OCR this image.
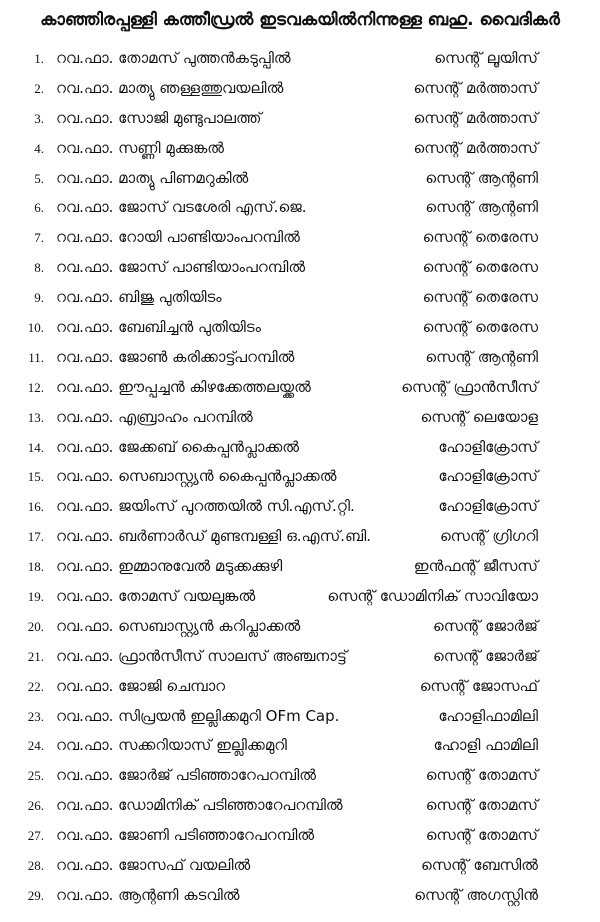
കാഞ്ഞിരപ്പള്ളി കത്തീഡ്രൽ ഇടവകയിൽനിന്നുള്ള ബഹു. വൈദികർ
1. റവ.ഫാ. തോമസ് പുത്തൻകടുപ്പിൽ	സെന്റ് ലൂയിസ്
2. റവ.ഫാ. മാത്യു ഞള്ളത്തുവയലിൽ	സെന്റ് മർത്താസ്
3. റവ.ഫാ. സോജി മുണ്ടുപാലത്ത്	സെന്റ് മർത്താസ്
4. റവ.ഫാ. സണ്ണി മുക്കുങ്കൽ	സെന്റ് മർത്താസ്
5. റവ.ഫാ. മാത്യു പിണമറുകിൽ	സെന്റ് ആന്റണി
6. റവ.ഫാ. ജോസ് വടശേരി എസ്.ജെ.	സെന്റ് ആന്റണി
7. റവ.ഫാ. റോയി പാണ്ടിയാംപറമ്പിൽ	സെന്റ് തെരേസ
8. റവ.ഫാ. ജോസ് പാണ്ടിയാംപറമ്പിൽ	സെന്റ് തെരേസ
9. റവ.ഫാ. ബിജു പുതിയിടം	സെന്റ് തെരേസ
10. റവ.ഫാ. ബേബിച്ചൻ പുതിയിടം	സെന്റ് തെരേസ
11. റവ.ഫാ. ജോൺ കരിക്കാട്ട്പറമ്പിൽ	സെന്റ് ആന്റണി
12. റവ.ഫാ. ഈപ്പച്ചൻ കിഴക്കേത്തലയ്ക്കൽ	സെന്റ് ഫ്രാൻസീസ്
13. റവ.ഫാ. എബ്രാഹം പറമ്പിൽ	സെന്റ് ലെയോള
14. റവ.ഫാ. ജേക്കബ് കൈപ്പൻപ്ലാക്കൽ	ഹോളിക്രോസ്
15. റവ.ഫാ. സെബാസ്റ്റ്യൻ കൈപ്പൻപ്ലാക്കൽ	ഹോളിക്രോസ്
16. റവ.ഫാ. ജയിംസ് പുറത്തയിൽ സി.എസ്.റ്റി.	ഹോളിക്രോസ്
17. റവ.ഫാ. ബർണാർഡ് മുണ്ടമ്പള്ളി ഒ.എസ്.ബി.	സെന്റ് ഗ്രിഗറി
18. റവ.ഫാ. ഇമ്മാനുവേൽ മടുക്കക്കുഴി	ഇൻഫന്റ് ജീസസ്
19. റവ.ഫാ. തോമസ് വയലുങ്കൽ	സെന്റ് ഡോമിനിക് സാവിയോ
20. റവ.ഫാ. സെബാസ്റ്റ്യൻ കറിപ്ലാക്കൽ	സെന്റ് ജോർജ്
21. റവ.ഫാ. ഫ്രാൻസീസ് സാലസ് അഞ്ചനാട്ട്	സെന്റ് ജോർജ്
22. റവ.ഫാ. ജോജി ചെമ്പാറ	സെന്റ് ജോസഫ്
23. റവ.ഫാ. സിപ്രയൻ ഇല്ലിക്കമുറി OFm Cap.	ഹോളിഫാമിലി
24. റവ.ഫാ. സക്കറിയാസ് ഇല്ലിക്കമുറി	ഹോളി ഫാമിലി
25. റവ.ഫാ. ജോർജ് പടിഞ്ഞാറേപറമ്പിൽ	സെന്റ് തോമസ്
26. റവ.ഫാ. ഡോമിനിക് പടിഞ്ഞാറേപറമ്പിൽ	സെന്റ് തോമസ്
27. റവ.ഫാ. ജോണി പടിഞ്ഞാറേപറമ്പിൽ	സെന്റ് തോമസ്
28. റവ.ഫാ. ജോസഫ് വയലിൽ	സെന്റ് ബേസിൽ
29. റവ.ഫാ. ആന്റണി കടവിൽ	സെന്റ് അഗസ്റ്റിൻ
